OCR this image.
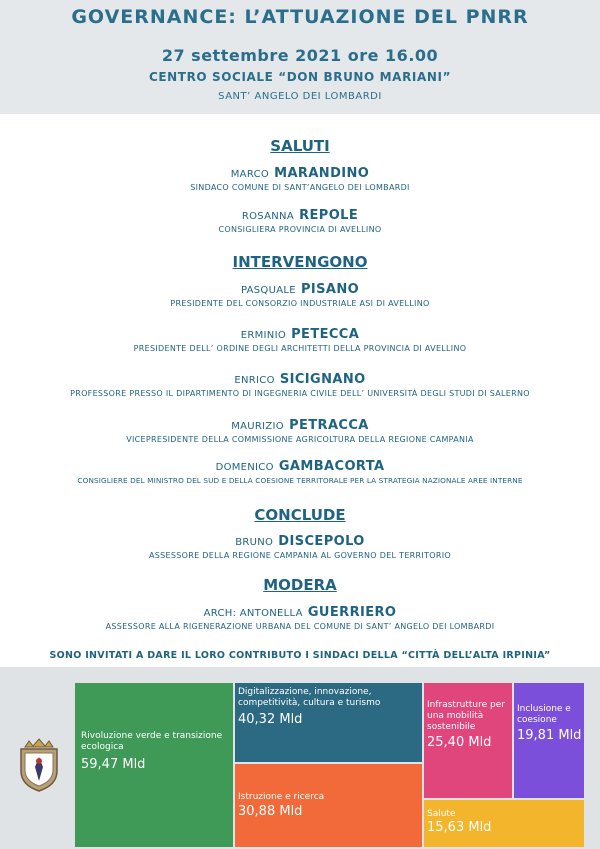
GOVERNANCE: L’ATTUAZIONE DEL PNRR
27 settembre 2021 ore 16.00
CENTRO SOCIALE “DON BRUNO MARIANI”
SANT’ ANGELO DEI LOMBARDI
SALUTI
MARCO MARANDINO
SINDACO COMUNE DI SANT’ANGELO DEI LOMBARDI
ROSANNA REPOLE
CONSIGLIERA PROVINCIA DI AVELLINO
INTERVENGONO
PASQUALE PISANO
PRESIDENTE DEL CONSORZIO INDUSTRIALE ASI DI AVELLINO
ERMINIO PETECCA
PRESIDENTE DELL’ ORDINE DEGLI ARCHITETTI DELLA PROVINCIA DI AVELLINO
ENRICO SICIGNANO
PROFESSORE PRESSO IL DIPARTIMENTO DI INGEGNERIA CIVILE DELL’ UNIVERSITÀ DEGLI STUDI DI SALERNO
MAURIZIO PETRACCA
VICEPRESIDENTE DELLA COMMISSIONE AGRICOLTURA DELLA REGIONE CAMPANIA
DOMENICO GAMBACORTA
CONSIGLIERE DEL MINISTRO DEL SUD E DELLA COESIONE TERRITORALE PER LA STRATEGIA NAZIONALE AREE INTERNE
CONCLUDE
BRUNO DISCEPOLO
ASSESSORE DELLA REGIONE CAMPANIA AL GOVERNO DEL TERRITORIO
MODERA
ARCH: ANTONELLA GUERRIERO
ASSESSORE ALLA RIGENERAZIONE URBANA DEL COMUNE DI SANT’ ANGELO DEI LOMBARDI
SONO INVITATI A DARE IL LORO CONTRIBUTO I SINDACI DELLA “CITTÀ DELL’ALTA IRPINIA”
Rivoluzione verde e transizione ecologica
59,47 Mld
Digitalizzazione, innovazione, competitività, cultura e turismo
40,32 Mld
Istruzione e ricerca
30,88 Mld
Infrastrutture per una mobilità sostenibile
25,40 Mld
Inclusione e coesione
19,81 Mld
Salute
15,63 Mld
